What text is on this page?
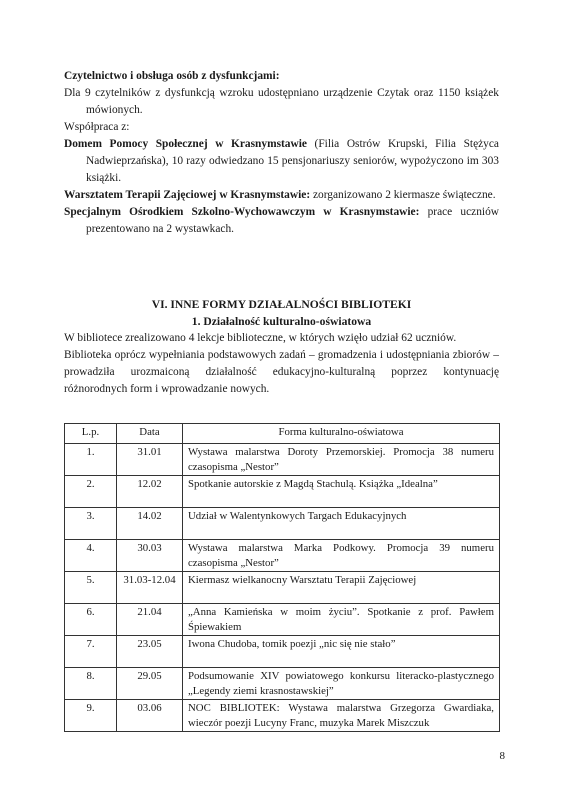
Czytelnictwo i obsługa osób z dysfunkcjami:

Dla 9 czytelników z dysfunkcją wzroku udostępniano urządzenie Czytak oraz 1150 książek mówionych.

Współpraca z:

Domem Pomocy Społecznej w Krasnymstawie (Filia Ostrów Krupski, Filia Stężyca Nadwieprzańska), 10 razy odwiedzano 15 pensjonariuszy seniorów, wypożyczono im 303 książki.

Warsztatem Terapii Zajęciowej w Krasnymstawie: zorganizowano 2 kiermasze świąteczne.

Specjalnym Ośrodkiem Szkolno-Wychowawczym w Krasnymstawie: prace uczniów prezentowano na 2 wystawkach.

VI. INNE FORMY DZIAŁALNOŚCI BIBLIOTEKI

1. Działalność kulturalno-oświatowa

W bibliotece zrealizowano 4 lekcje biblioteczne, w których wzięło udział 62 uczniów.

Biblioteka oprócz wypełniania podstawowych zadań – gromadzenia i udostępniania zbiorów – prowadziła urozmaiconą działalność edukacyjno-kulturalną poprzez kontynuację różnorodnych form i wprowadzanie nowych.

L.p.	Data	Forma kulturalno-oświatowa
1.	31.01	Wystawa malarstwa Doroty Przemorskiej. Promocja 38 numeru czasopisma „Nestor”
2.	12.02	Spotkanie autorskie z Magdą Stachulą. Książka „Idealna”
3.	14.02	Udział w Walentynkowych Targach Edukacyjnych
4.	30.03	Wystawa malarstwa Marka Podkowy. Promocja 39 numeru czasopisma „Nestor”
5.	31.03-12.04	Kiermasz wielkanocny Warsztatu Terapii Zajęciowej
6.	21.04	„Anna Kamieńska w moim życiu”. Spotkanie z prof. Pawłem Śpiewakiem
7.	23.05	Iwona Chudoba, tomik poezji „nic się nie stało”
8.	29.05	Podsumowanie XIV powiatowego konkursu literacko-plastycznego „Legendy ziemi krasnostawskiej”
9.	03.06	NOC BIBLIOTEK: Wystawa malarstwa Grzegorza Gwardiaka, wieczór poezji Lucyny Franc, muzyka Marek Miszczuk
8
